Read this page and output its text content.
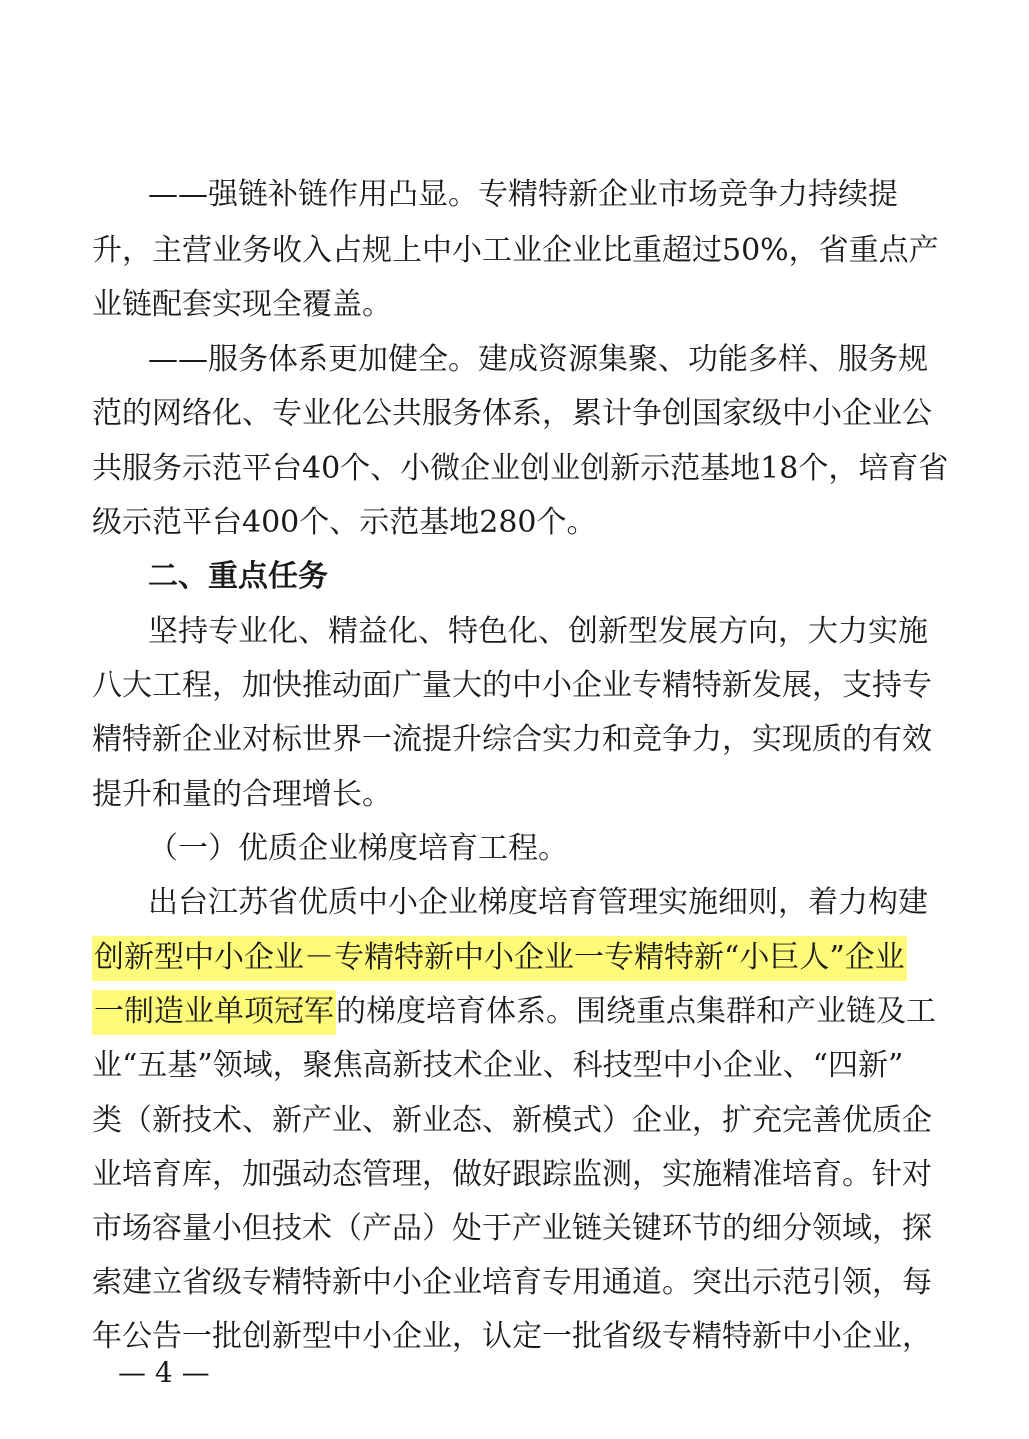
——强链补链作用凸显。专精特新企业市场竞争力持续提
升，主营业务收入占规上中小工业企业比重超过50%，省重点产
业链配套实现全覆盖。
——服务体系更加健全。建成资源集聚、功能多样、服务规
范的网络化、专业化公共服务体系，累计争创国家级中小企业公
共服务示范平台40个、小微企业创业创新示范基地18个，培育省
级示范平台400个、示范基地280个。
二、重点任务
坚持专业化、精益化、特色化、创新型发展方向，大力实施
八大工程，加快推动面广量大的中小企业专精特新发展，支持专
精特新企业对标世界一流提升综合实力和竞争力，实现质的有效
提升和量的合理增长。
（一）优质企业梯度培育工程。
出台江苏省优质中小企业梯度培育管理实施细则，着力构建
创新型中小企业－专精特新中小企业一专精特新“小巨人”企业
一制造业单项冠军的梯度培育体系。围绕重点集群和产业链及工
业“五基”领域，聚焦高新技术企业、科技型中小企业、“四新”
类（新技术、新产业、新业态、新模式）企业，扩充完善优质企
业培育库，加强动态管理，做好跟踪监测，实施精准培育。针对
市场容量小但技术（产品）处于产业链关键环节的细分领域，探
索建立省级专精特新中小企业培育专用通道。突出示范引领，每
年公告一批创新型中小企业，认定一批省级专精特新中小企业，
— 4 —
